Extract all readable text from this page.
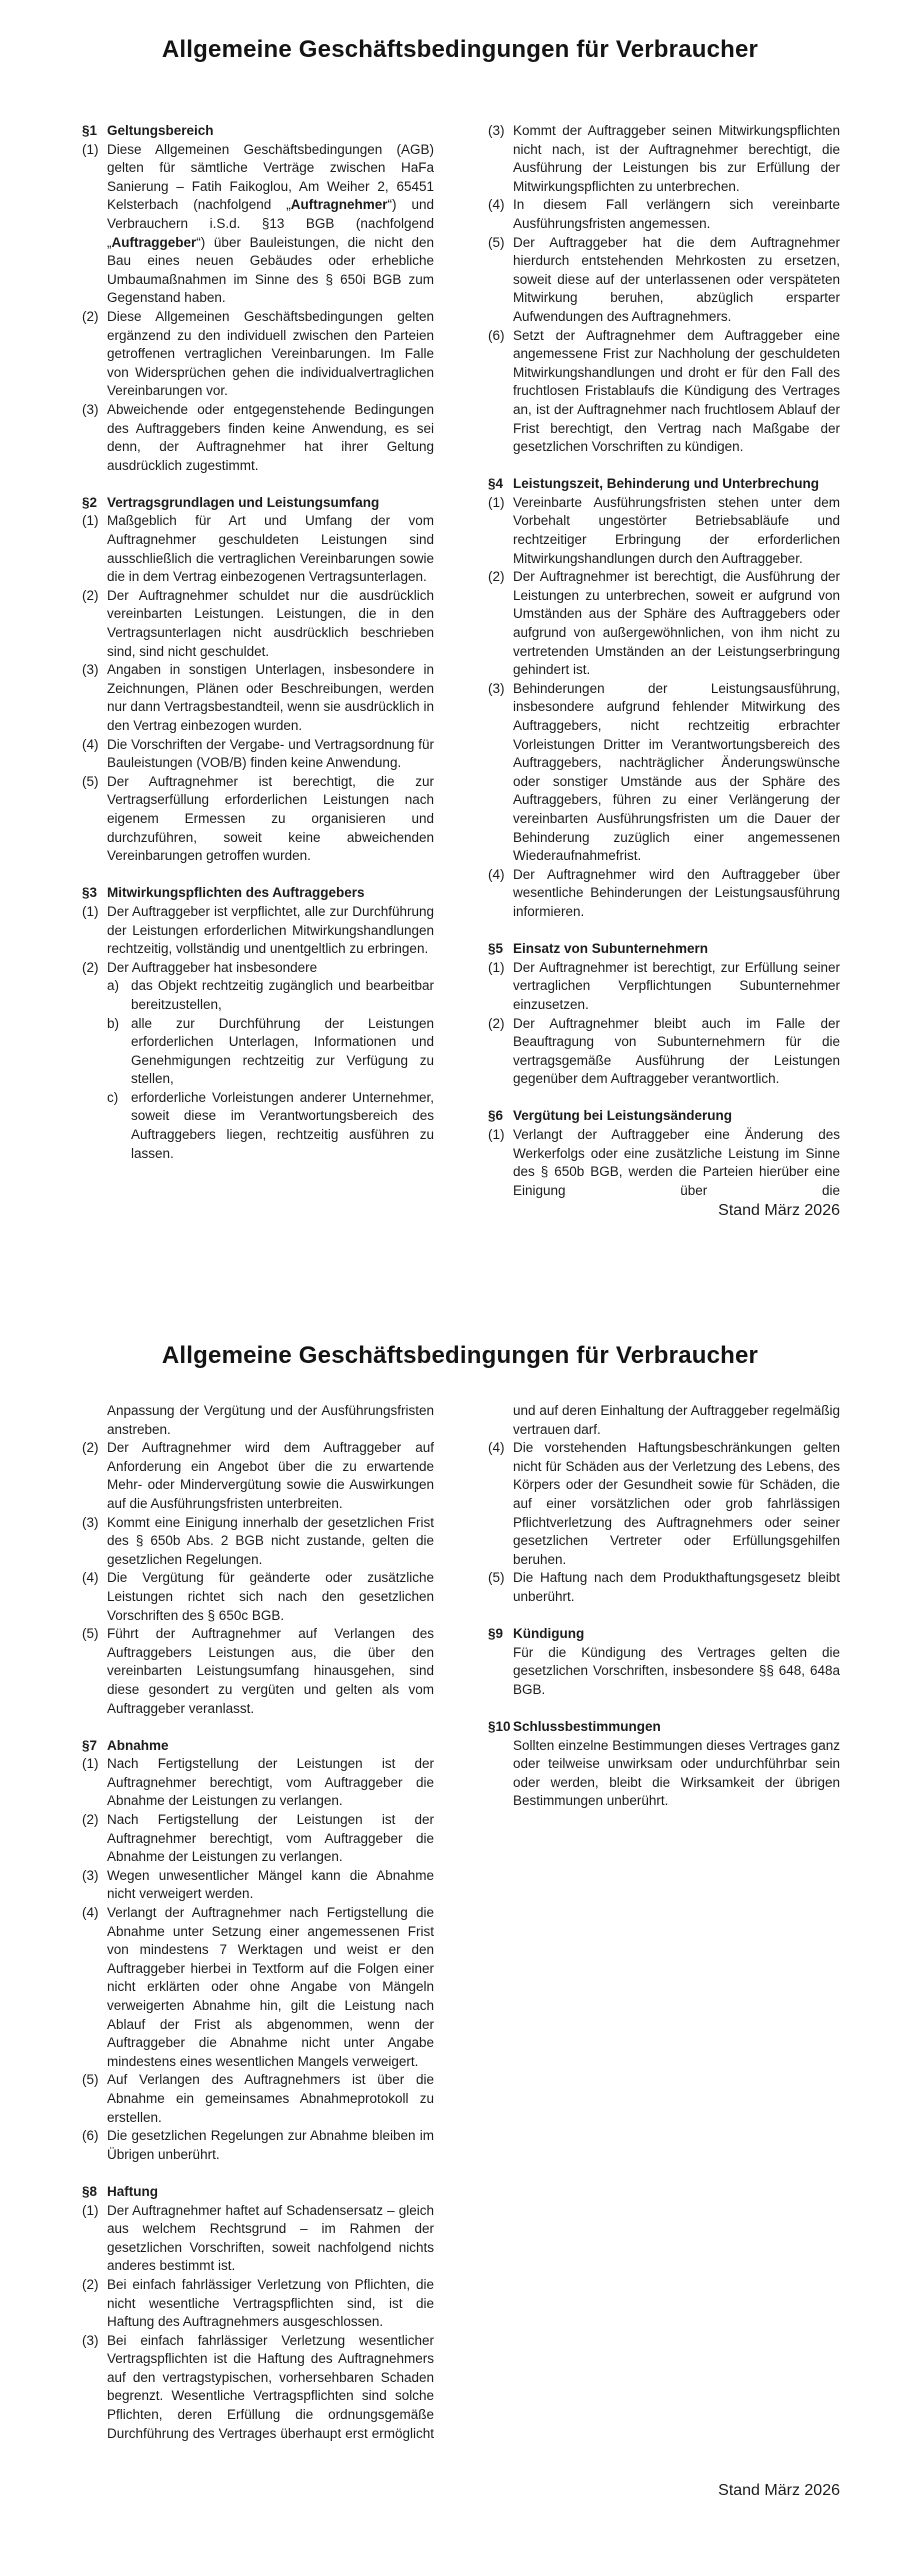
Allgemeine Geschäftsbedingungen für Verbraucher
§1 Geltungsbereich
(1) Diese Allgemeinen Geschäftsbedingungen (AGB) gelten für sämtliche Verträge zwischen HaFa Sanierung – Fatih Faikoglou, Am Weiher 2, 65451 Kelsterbach (nachfolgend „Auftragnehmer“) und Verbrauchern i.S.d. §13 BGB (nachfolgend „Auftraggeber“) über Bauleistungen, die nicht den Bau eines neuen Gebäudes oder erhebliche Umbaumaßnahmen im Sinne des § 650i BGB zum Gegenstand haben.
(2) Diese Allgemeinen Geschäftsbedingungen gelten ergänzend zu den individuell zwischen den Parteien getroffenen vertraglichen Vereinbarungen. Im Falle von Widersprüchen gehen die individualvertraglichen Vereinbarungen vor.
(3) Abweichende oder entgegenstehende Bedingungen des Auftraggebers finden keine Anwendung, es sei denn, der Auftragnehmer hat ihrer Geltung ausdrücklich zugestimmt.
§2 Vertragsgrundlagen und Leistungsumfang
(1) Maßgeblich für Art und Umfang der vom Auftragnehmer geschuldeten Leistungen sind ausschließlich die vertraglichen Vereinbarungen sowie die in dem Vertrag einbezogenen Vertragsunterlagen.
(2) Der Auftragnehmer schuldet nur die ausdrücklich vereinbarten Leistungen. Leistungen, die in den Vertragsunterlagen nicht ausdrücklich beschrieben sind, sind nicht geschuldet.
(3) Angaben in sonstigen Unterlagen, insbesondere in Zeichnungen, Plänen oder Beschreibungen, werden nur dann Vertragsbestandteil, wenn sie ausdrücklich in den Vertrag einbezogen wurden.
(4) Die Vorschriften der Vergabe- und Vertragsordnung für Bauleistungen (VOB/B) finden keine Anwendung.
(5) Der Auftragnehmer ist berechtigt, die zur Vertragserfüllung erforderlichen Leistungen nach eigenem Ermessen zu organisieren und durchzuführen, soweit keine abweichenden Vereinbarungen getroffen wurden.
§3 Mitwirkungspflichten des Auftraggebers
(1) Der Auftraggeber ist verpflichtet, alle zur Durchführung der Leistungen erforderlichen Mitwirkungshandlungen rechtzeitig, vollständig und unentgeltlich zu erbringen.
(2) Der Auftraggeber hat insbesondere
a) das Objekt rechtzeitig zugänglich und bearbeitbar bereitzustellen,
b) alle zur Durchführung der Leistungen erforderlichen Unterlagen, Informationen und Genehmigungen rechtzeitig zur Verfügung zu stellen,
c) erforderliche Vorleistungen anderer Unternehmer, soweit diese im Verantwortungsbereich des Auftraggebers liegen, rechtzeitig ausführen zu lassen.
(3) Kommt der Auftraggeber seinen Mitwirkungspflichten nicht nach, ist der Auftragnehmer berechtigt, die Ausführung der Leistungen bis zur Erfüllung der Mitwirkungspflichten zu unterbrechen.
(4) In diesem Fall verlängern sich vereinbarte Ausführungsfristen angemessen.
(5) Der Auftraggeber hat die dem Auftragnehmer hierdurch entstehenden Mehrkosten zu ersetzen, soweit diese auf der unterlassenen oder verspäteten Mitwirkung beruhen, abzüglich ersparter Aufwendungen des Auftragnehmers.
(6) Setzt der Auftragnehmer dem Auftraggeber eine angemessene Frist zur Nachholung der geschuldeten Mitwirkungshandlungen und droht er für den Fall des fruchtlosen Fristablaufs die Kündigung des Vertrages an, ist der Auftragnehmer nach fruchtlosem Ablauf der Frist berechtigt, den Vertrag nach Maßgabe der gesetzlichen Vorschriften zu kündigen.
§4 Leistungszeit, Behinderung und Unterbrechung
(1) Vereinbarte Ausführungsfristen stehen unter dem Vorbehalt ungestörter Betriebsabläufe und rechtzeitiger Erbringung der erforderlichen Mitwirkungshandlungen durch den Auftraggeber.
(2) Der Auftragnehmer ist berechtigt, die Ausführung der Leistungen zu unterbrechen, soweit er aufgrund von Umständen aus der Sphäre des Auftraggebers oder aufgrund von außergewöhnlichen, von ihm nicht zu vertretenden Umständen an der Leistungserbringung gehindert ist.
(3) Behinderungen der Leistungsausführung, insbesondere aufgrund fehlender Mitwirkung des Auftraggebers, nicht rechtzeitig erbrachter Vorleistungen Dritter im Verantwortungsbereich des Auftraggebers, nachträglicher Änderungswünsche oder sonstiger Umstände aus der Sphäre des Auftraggebers, führen zu einer Verlängerung der vereinbarten Ausführungsfristen um die Dauer der Behinderung zuzüglich einer angemessenen Wiederaufnahmefrist.
(4) Der Auftragnehmer wird den Auftraggeber über wesentliche Behinderungen der Leistungsausführung informieren.
§5 Einsatz von Subunternehmern
(1) Der Auftragnehmer ist berechtigt, zur Erfüllung seiner vertraglichen Verpflichtungen Subunternehmer einzusetzen.
(2) Der Auftragnehmer bleibt auch im Falle der Beauftragung von Subunternehmern für die vertragsgemäße Ausführung der Leistungen gegenüber dem Auftraggeber verantwortlich.
§6 Vergütung bei Leistungsänderung
(1) Verlangt der Auftraggeber eine Änderung des Werkerfolgs oder eine zusätzliche Leistung im Sinne des § 650b BGB, werden die Parteien hierüber eine Einigung über die
Stand März 2026
Allgemeine Geschäftsbedingungen für Verbraucher
Anpassung der Vergütung und der Ausführungsfristen anstreben.
(2) Der Auftragnehmer wird dem Auftraggeber auf Anforderung ein Angebot über die zu erwartende Mehr- oder Mindervergütung sowie die Auswirkungen auf die Ausführungsfristen unterbreiten.
(3) Kommt eine Einigung innerhalb der gesetzlichen Frist des § 650b Abs. 2 BGB nicht zustande, gelten die gesetzlichen Regelungen.
(4) Die Vergütung für geänderte oder zusätzliche Leistungen richtet sich nach den gesetzlichen Vorschriften des § 650c BGB.
(5) Führt der Auftragnehmer auf Verlangen des Auftraggebers Leistungen aus, die über den vereinbarten Leistungsumfang hinausgehen, sind diese gesondert zu vergüten und gelten als vom Auftraggeber veranlasst.
§7 Abnahme
(1) Nach Fertigstellung der Leistungen ist der Auftragnehmer berechtigt, vom Auftraggeber die Abnahme der Leistungen zu verlangen.
(2) Nach Fertigstellung der Leistungen ist der Auftragnehmer berechtigt, vom Auftraggeber die Abnahme der Leistungen zu verlangen.
(3) Wegen unwesentlicher Mängel kann die Abnahme nicht verweigert werden.
(4) Verlangt der Auftragnehmer nach Fertigstellung die Abnahme unter Setzung einer angemessenen Frist von mindestens 7 Werktagen und weist er den Auftraggeber hierbei in Textform auf die Folgen einer nicht erklärten oder ohne Angabe von Mängeln verweigerten Abnahme hin, gilt die Leistung nach Ablauf der Frist als abgenommen, wenn der Auftraggeber die Abnahme nicht unter Angabe mindestens eines wesentlichen Mangels verweigert.
(5) Auf Verlangen des Auftragnehmers ist über die Abnahme ein gemeinsames Abnahmeprotokoll zu erstellen.
(6) Die gesetzlichen Regelungen zur Abnahme bleiben im Übrigen unberührt.
§8 Haftung
(1) Der Auftragnehmer haftet auf Schadensersatz – gleich aus welchem Rechtsgrund – im Rahmen der gesetzlichen Vorschriften, soweit nachfolgend nichts anderes bestimmt ist.
(2) Bei einfach fahrlässiger Verletzung von Pflichten, die nicht wesentliche Vertragspflichten sind, ist die Haftung des Auftragnehmers ausgeschlossen.
(3) Bei einfach fahrlässiger Verletzung wesentlicher Vertragspflichten ist die Haftung des Auftragnehmers auf den vertragstypischen, vorhersehbaren Schaden begrenzt. Wesentliche Vertragspflichten sind solche Pflichten, deren Erfüllung die ordnungsgemäße Durchführung des Vertrages überhaupt erst ermöglicht
und auf deren Einhaltung der Auftraggeber regelmäßig vertrauen darf.
(4) Die vorstehenden Haftungsbeschränkungen gelten nicht für Schäden aus der Verletzung des Lebens, des Körpers oder der Gesundheit sowie für Schäden, die auf einer vorsätzlichen oder grob fahrlässigen Pflichtverletzung des Auftragnehmers oder seiner gesetzlichen Vertreter oder Erfüllungsgehilfen beruhen.
(5) Die Haftung nach dem Produkthaftungsgesetz bleibt unberührt.
§9 Kündigung
Für die Kündigung des Vertrages gelten die gesetzlichen Vorschriften, insbesondere §§ 648, 648a BGB.
§10 Schlussbestimmungen
Sollten einzelne Bestimmungen dieses Vertrages ganz oder teilweise unwirksam oder undurchführbar sein oder werden, bleibt die Wirksamkeit der übrigen Bestimmungen unberührt.
Stand März 2026
